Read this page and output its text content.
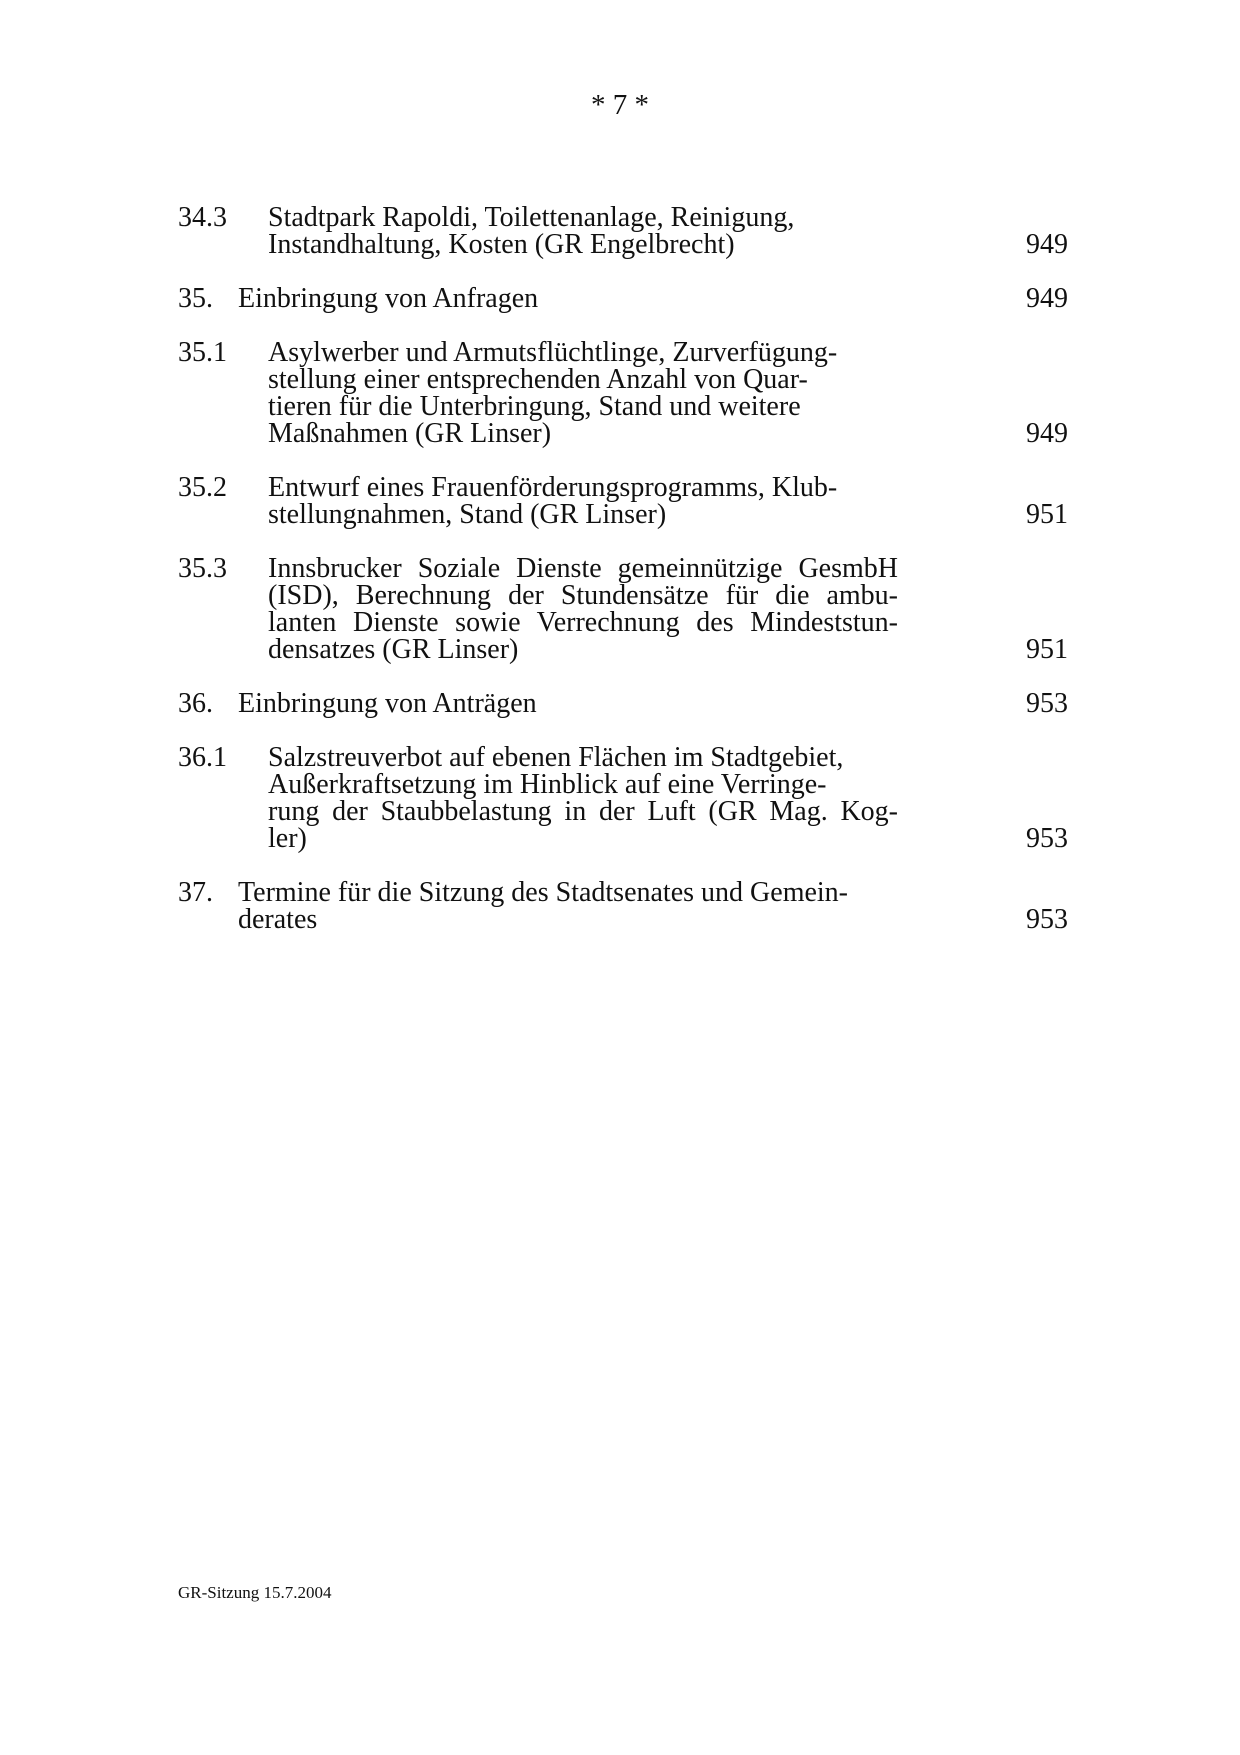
* 7 *
34.3 Stadtpark Rapoldi, Toilettenanlage, Reinigung,
Instandhaltung, Kosten (GR Engelbrecht)	949
35. Einbringung von Anfragen	949
35.1 Asylwerber und Armutsflüchtlinge, Zurverfügung-
stellung einer entsprechenden Anzahl von Quar-
tieren für die Unterbringung, Stand und weitere
Maßnahmen (GR Linser)	949
35.2 Entwurf eines Frauenförderungsprogramms, Klub-
stellungnahmen, Stand (GR Linser)	951
35.3 Innsbrucker Soziale Dienste gemeinnützige GesmbH
(ISD), Berechnung der Stundensätze für die ambu-
lanten Dienste sowie Verrechnung des Mindeststun-
densatzes (GR Linser)	951
36. Einbringung von Anträgen	953
36.1 Salzstreuverbot auf ebenen Flächen im Stadtgebiet,
Außerkraftsetzung im Hinblick auf eine Verringe-
rung der Staubbelastung in der Luft (GR Mag. Kog-
ler)	953
37. Termine für die Sitzung des Stadtsenates und Gemein-
derates	953
GR-Sitzung 15.7.2004
